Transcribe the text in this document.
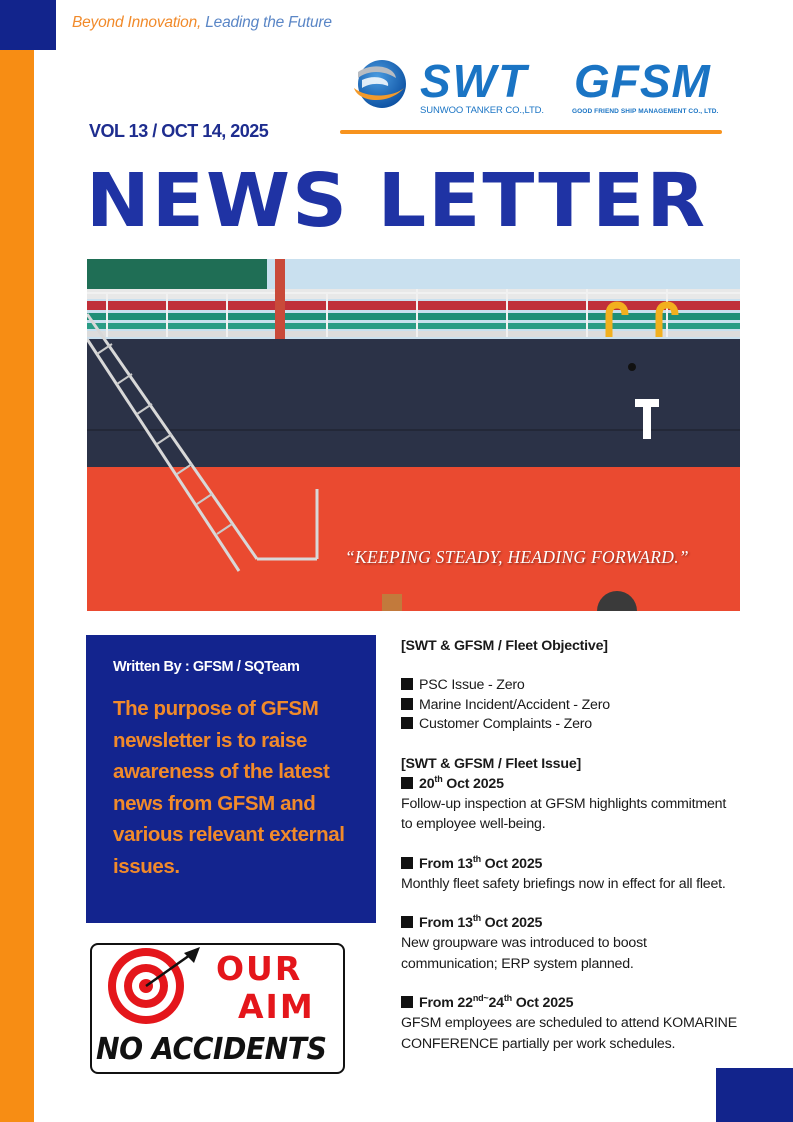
Beyond Innovation, Leading the Future
SWT
SUNWOO TANKER CO.,LTD.
GFSM
GOOD FRIEND SHIP MANAGEMENT CO., LTD.
VOL 13 / OCT 14, 2025
NEWS LETTER
“KEEPING STEADY, HEADING FORWARD.”
Written By : GFSM / SQTeam
The purpose of GFSM newsletter is to raise awareness of the latest news from GFSM and various relevant external issues.
OUR
AIM
NO ACCIDENTS
[SWT & GFSM / Fleet Objective]
PSC Issue - Zero
Marine Incident/Accident - Zero
Customer Complaints - Zero
[SWT & GFSM / Fleet Issue]
20th Oct 2025
Follow-up inspection at GFSM highlights commitment
to employee well-being.
From 13th Oct 2025
Monthly fleet safety briefings now in effect for all fleet.
From 13th Oct 2025
New groupware was introduced to boost
communication; ERP system planned.
From $22^{nd\sim}24th$ Oct 2025
GFSM employees are scheduled to attend KOMARINE
CONFERENCE partially per work schedules.
